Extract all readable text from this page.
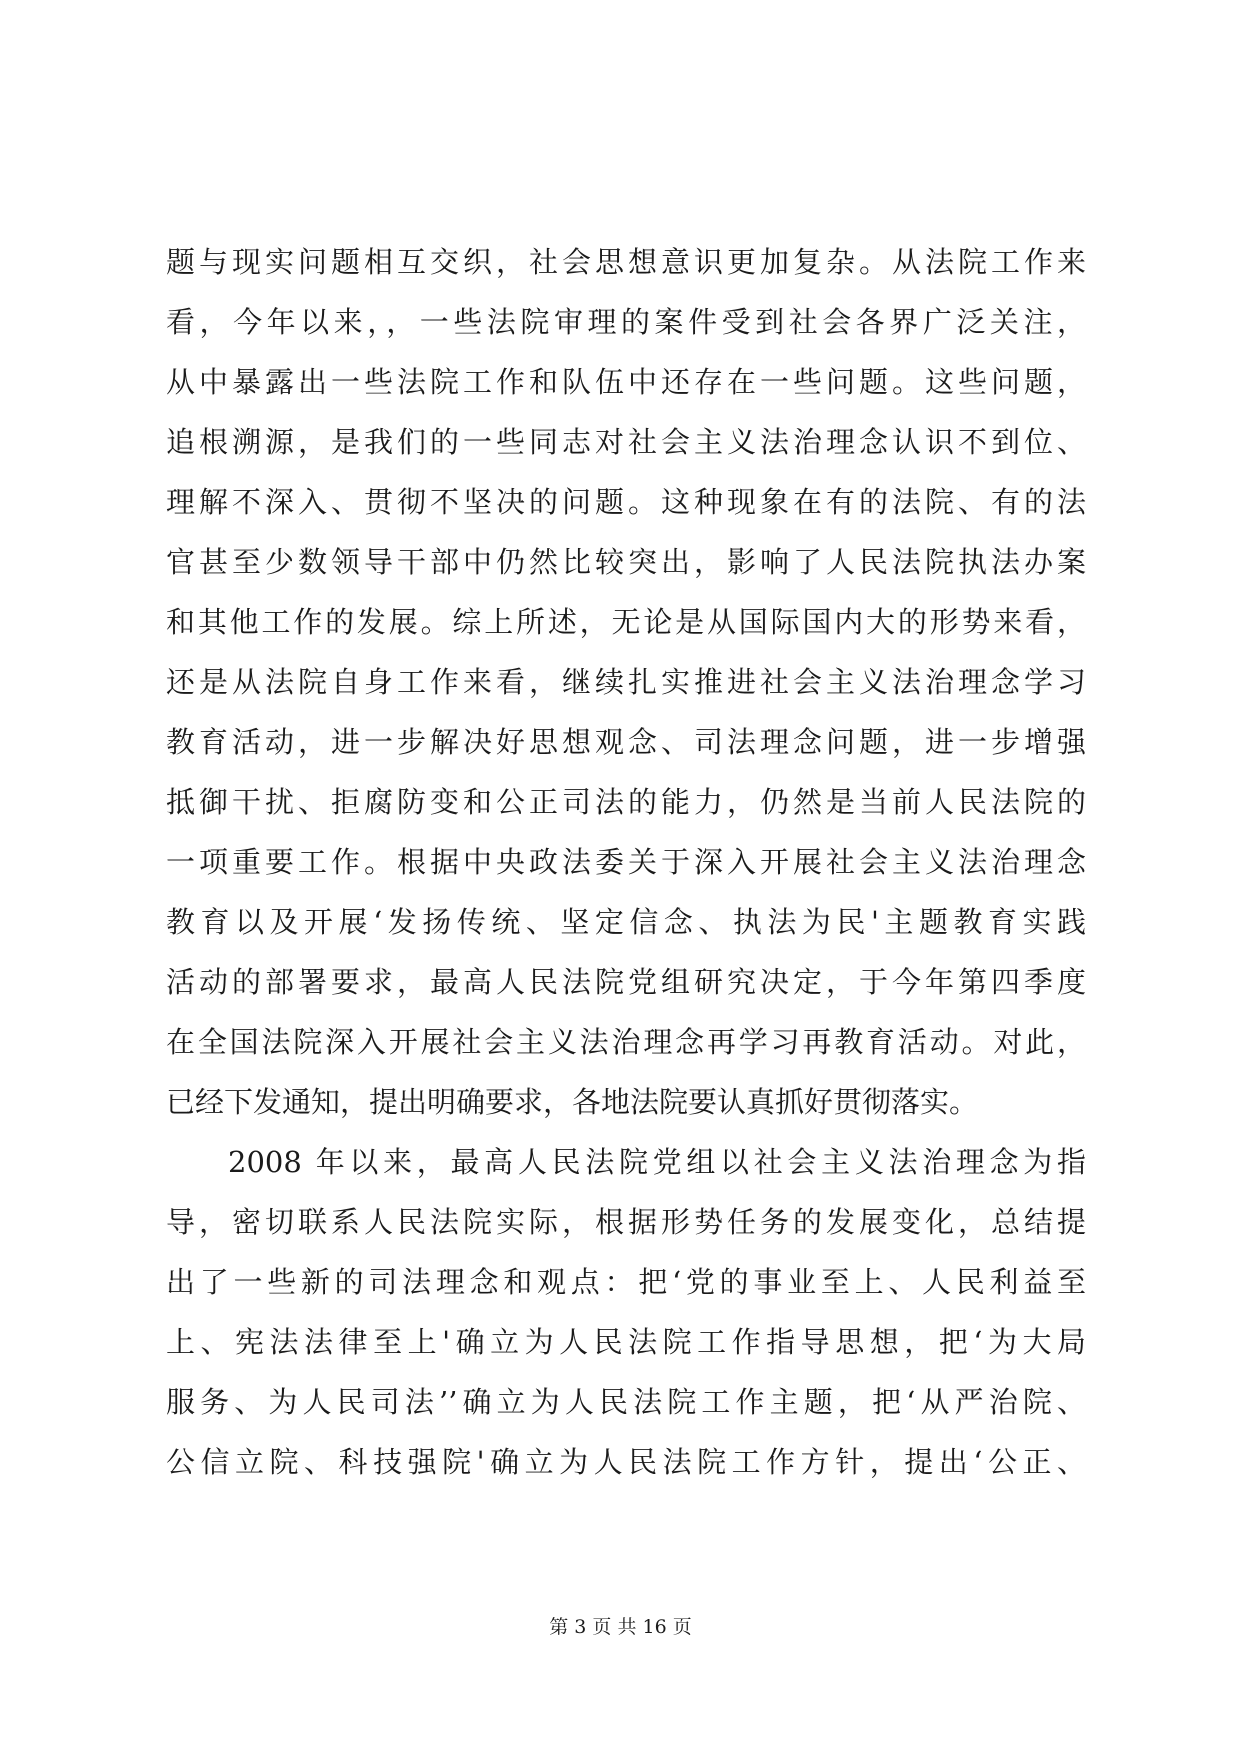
题与现实问题相互交织，社会思想意识更加复杂。从法院工作来
看，今年以来，，一些法院审理的案件受到社会各界广泛关注，
从中暴露出一些法院工作和队伍中还存在一些问题。这些问题，
追根溯源，是我们的一些同志对社会主义法治理念认识不到位、
理解不深入、贯彻不坚决的问题。这种现象在有的法院、有的法
官甚至少数领导干部中仍然比较突出，影响了人民法院执法办案
和其他工作的发展。综上所述，无论是从国际国内大的形势来看，
还是从法院自身工作来看，继续扎实推进社会主义法治理念学习
教育活动，进一步解决好思想观念、司法理念问题，进一步增强
抵御干扰、拒腐防变和公正司法的能力，仍然是当前人民法院的
一项重要工作。根据中央政法委关于深入开展社会主义法治理念
教育以及开展‘发扬传统、坚定信念、执法为民'主题教育实践
活动的部署要求，最高人民法院党组研究决定，于今年第四季度
在全国法院深入开展社会主义法治理念再学习再教育活动。对此，
已经下发通知，提出明确要求，各地法院要认真抓好贯彻落实。
2008 年以来，最高人民法院党组以社会主义法治理念为指
导，密切联系人民法院实际，根据形势任务的发展变化，总结提
出了一些新的司法理念和观点：把‘党的事业至上、人民利益至
上、宪法法律至上'确立为人民法院工作指导思想，把‘为大局
服务、为人民司法’’确立为人民法院工作主题，把‘从严治院、
公信立院、科技强院'确立为人民法院工作方针，提出‘公正、
第 3 页 共 16 页
